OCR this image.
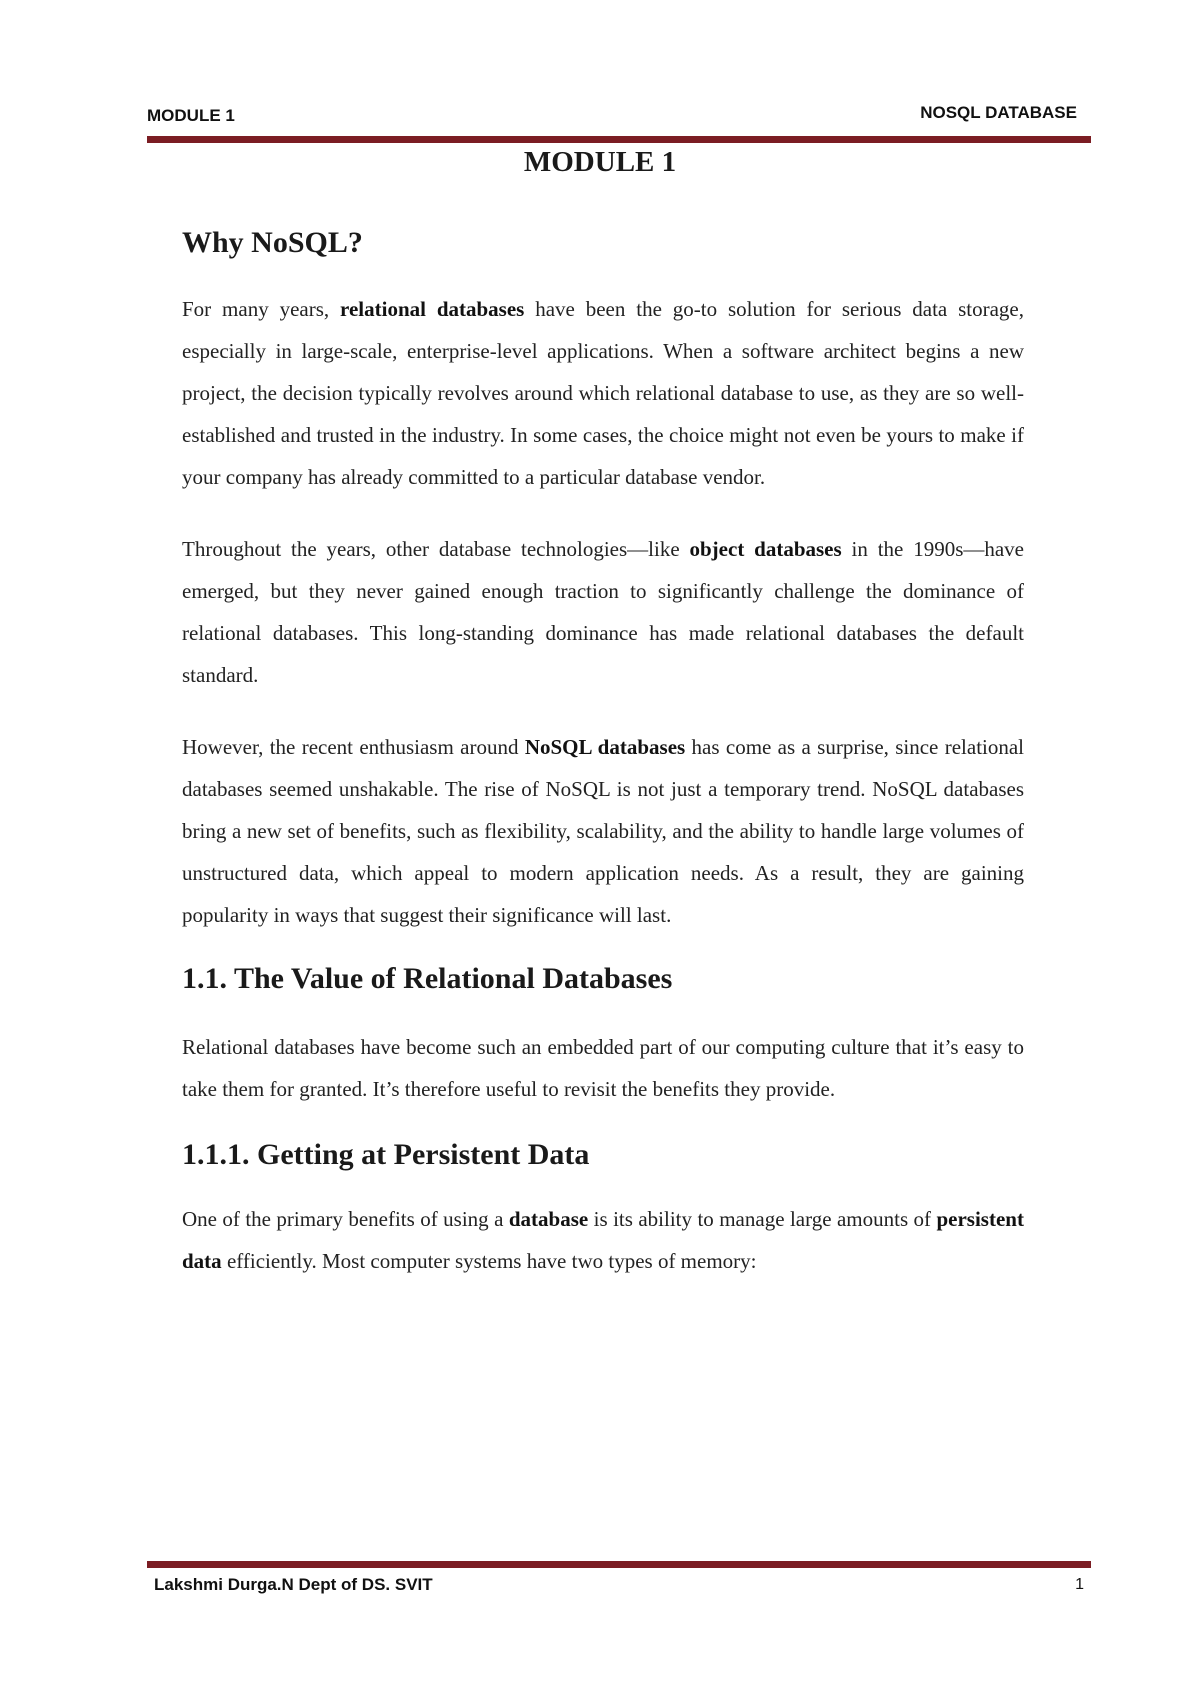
MODULE 1	NOSQL DATABASE
MODULE 1
Why NoSQL?

For many years, relational databases have been the go-to solution for serious data storage, especially in large-scale, enterprise-level applications. When a software architect begins a new project, the decision typically revolves around which relational database to use, as they are so well-established and trusted in the industry. In some cases, the choice might not even be yours to make if your company has already committed to a particular database vendor.

Throughout the years, other database technologies—like object databases in the 1990s—have emerged, but they never gained enough traction to significantly challenge the dominance of relational databases. This long-standing dominance has made relational databases the default standard.

However, the recent enthusiasm around NoSQL databases has come as a surprise, since relational databases seemed unshakable. The rise of NoSQL is not just a temporary trend. NoSQL databases bring a new set of benefits, such as flexibility, scalability, and the ability to handle large volumes of unstructured data, which appeal to modern application needs. As a result, they are gaining popularity in ways that suggest their significance will last.

1.1. The Value of Relational Databases

Relational databases have become such an embedded part of our computing culture that it’s easy to take them for granted. It’s therefore useful to revisit the benefits they provide.

1.1.1. Getting at Persistent Data

One of the primary benefits of using a database is its ability to manage large amounts of persistent data efficiently. Most computer systems have two types of memory:

Lakshmi Durga.N Dept of DS. SVIT	1
